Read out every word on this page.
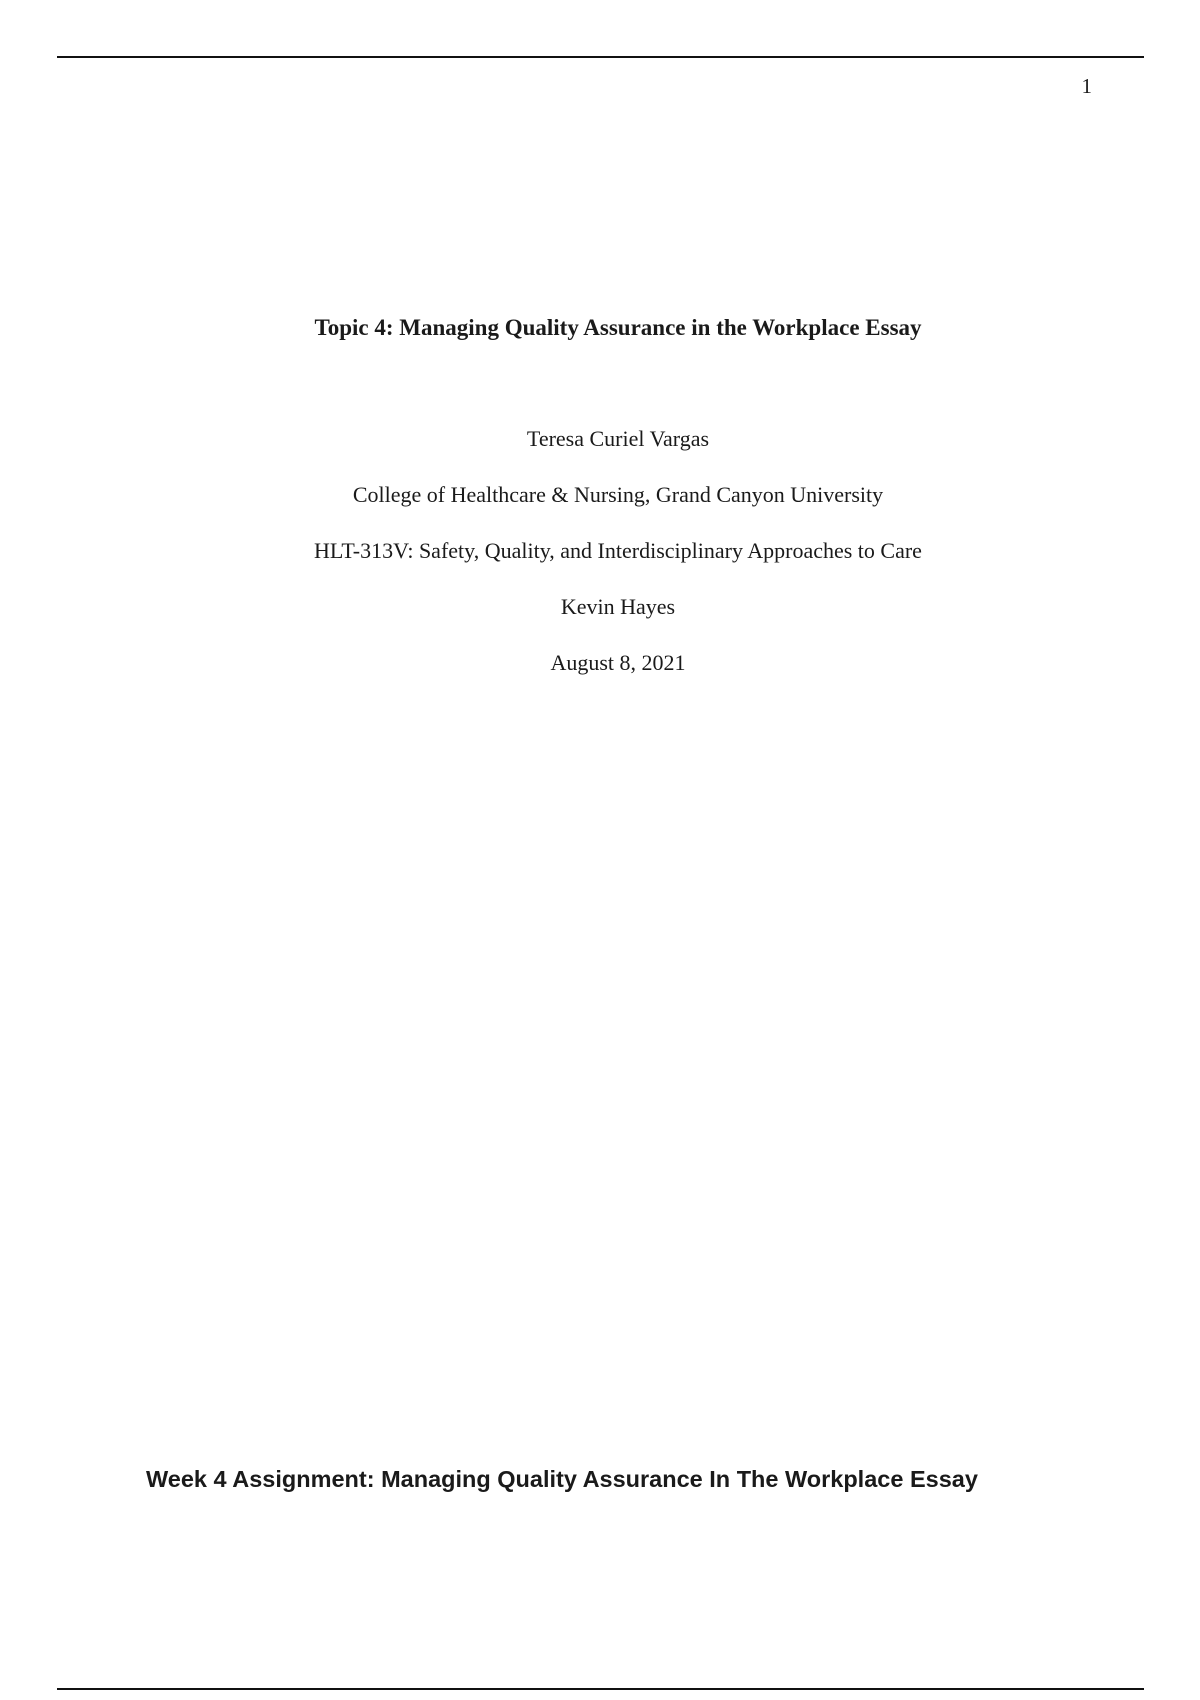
1
Topic 4: Managing Quality Assurance in the Workplace Essay

Teresa Curiel Vargas

College of Healthcare & Nursing, Grand Canyon University

HLT-313V: Safety, Quality, and Interdisciplinary Approaches to Care

Kevin Hayes

August 8, 2021

Week 4 Assignment: Managing Quality Assurance In The Workplace Essay
